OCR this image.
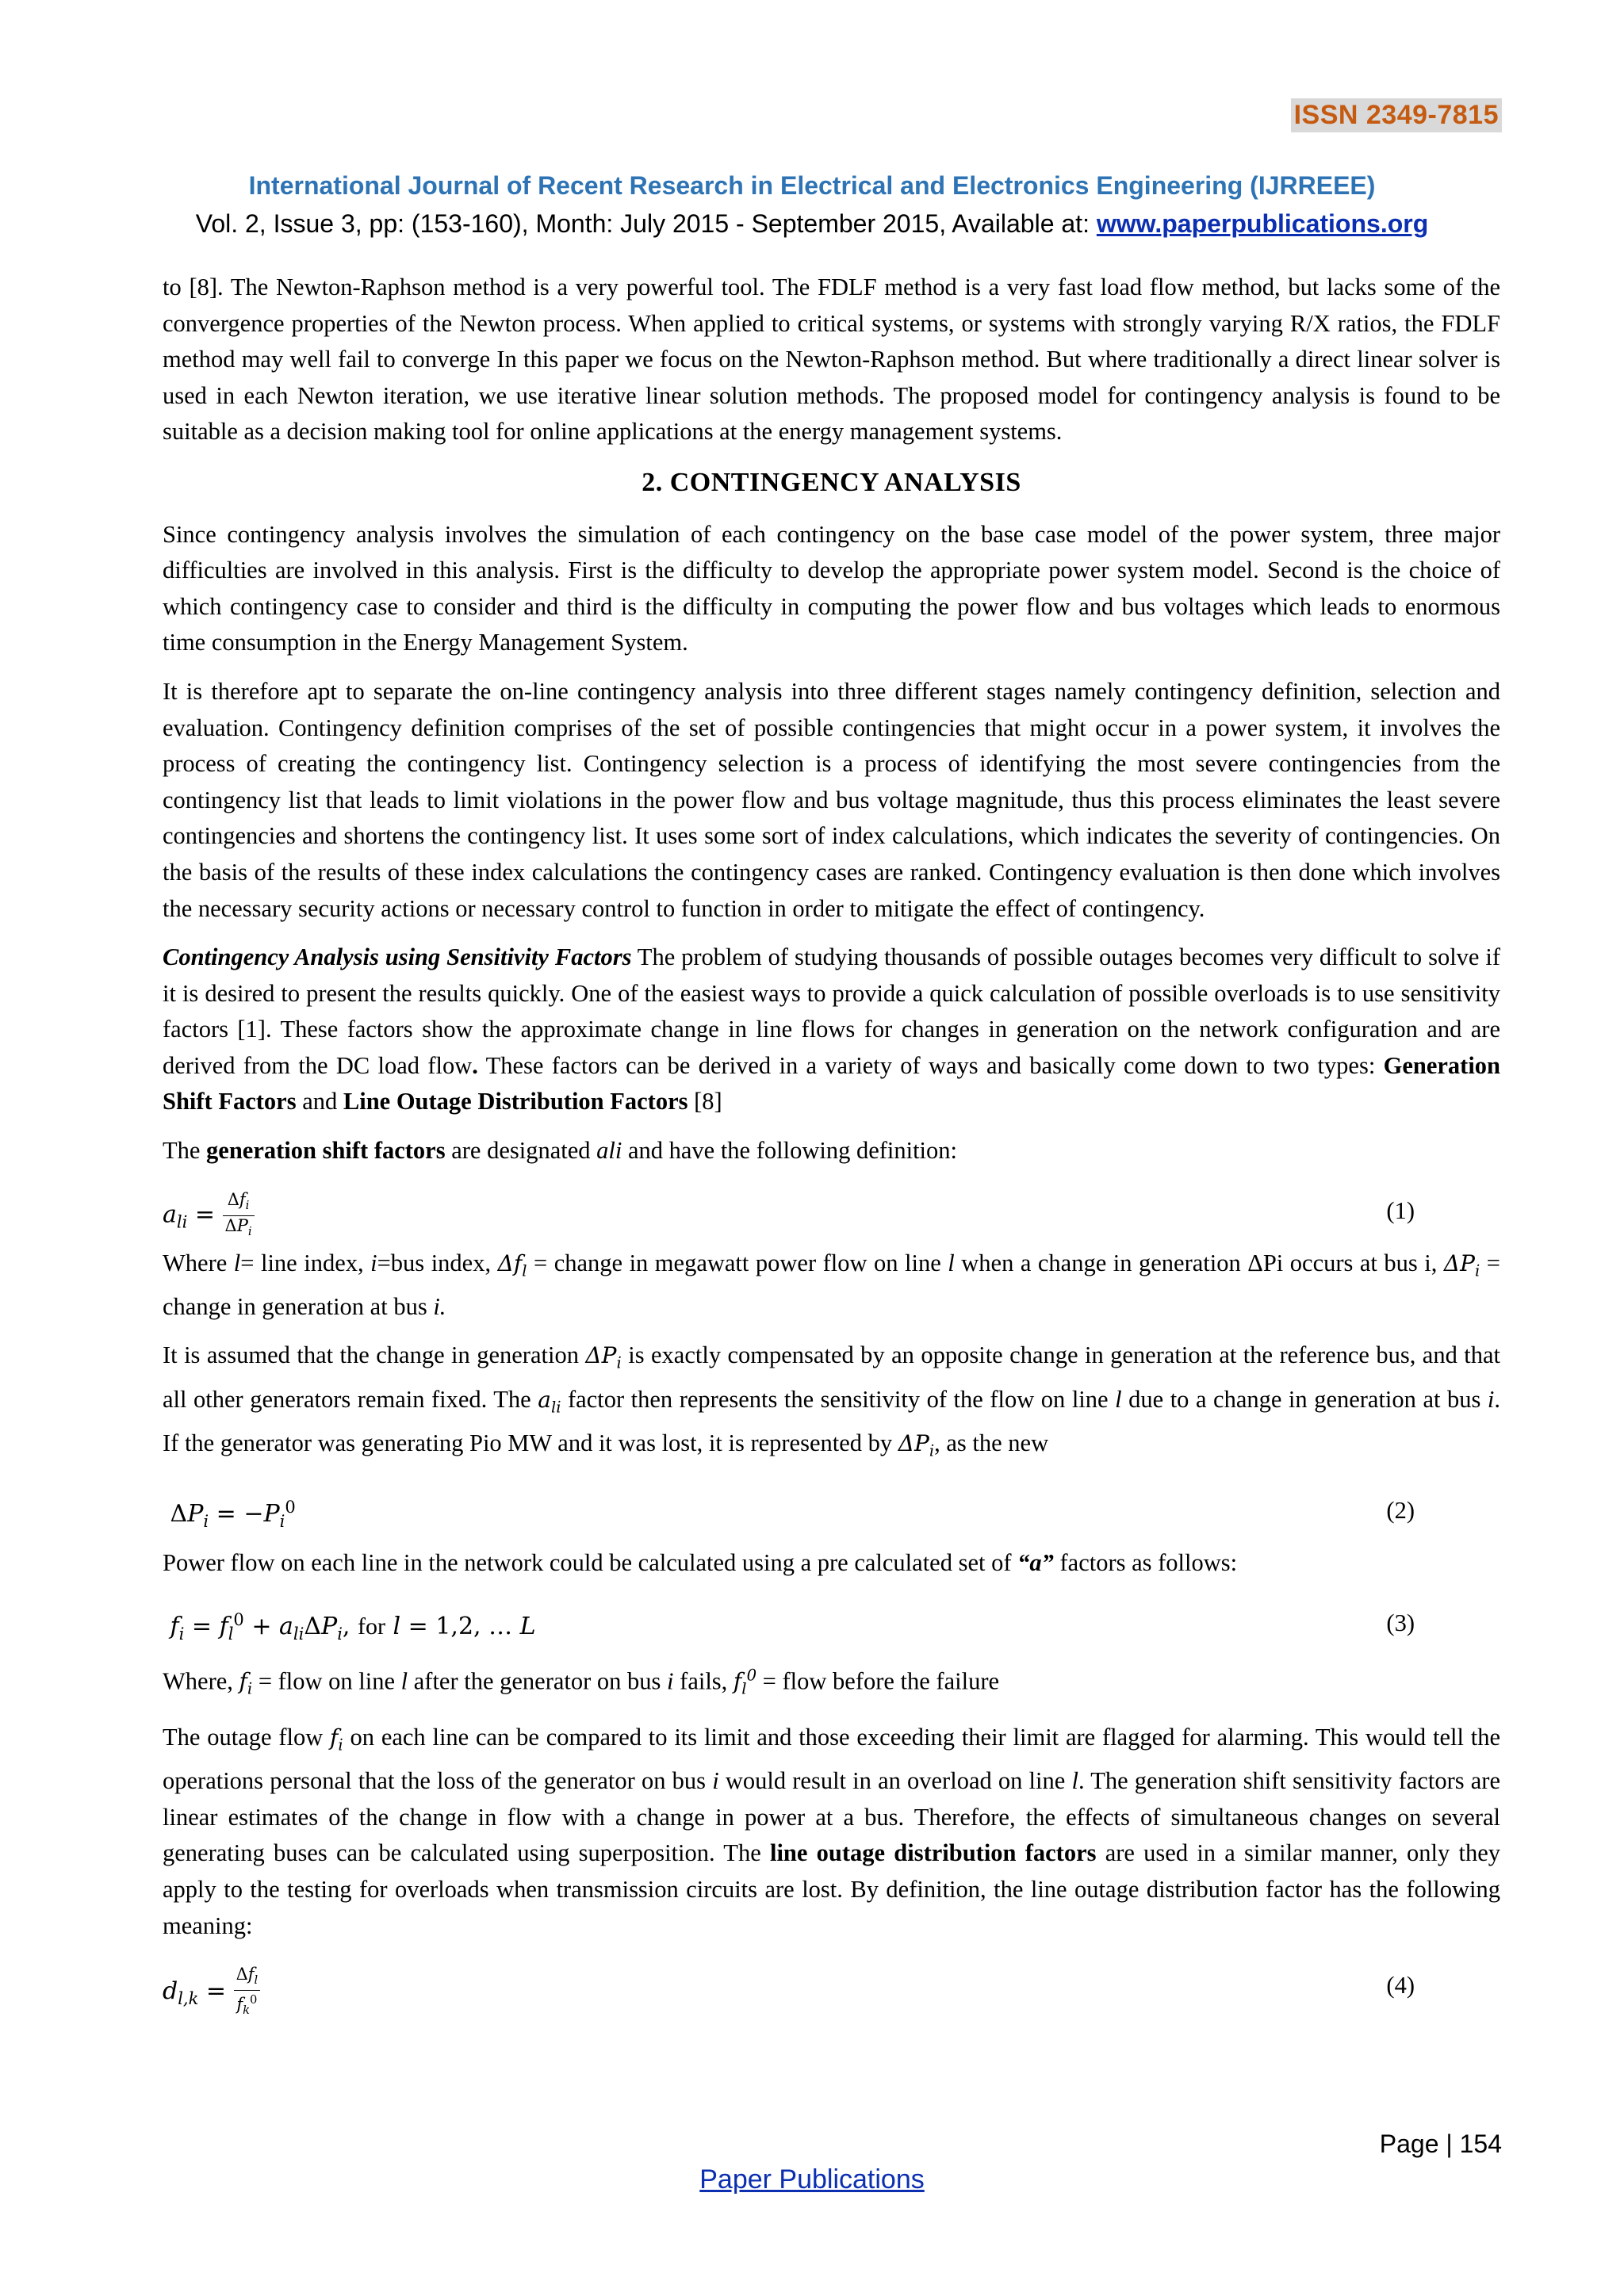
ISSN 2349-7815
International Journal of Recent Research in Electrical and Electronics Engineering (IJRREEE)
Vol. 2, Issue 3, pp: (153-160), Month: July 2015 - September 2015, Available at: www.paperpublications.org

to [8]. The Newton-Raphson method is a very powerful tool. The FDLF method is a very fast load flow method, but lacks some of the convergence properties of the Newton process. When applied to critical systems, or systems with strongly varying R/X ratios, the FDLF method may well fail to converge In this paper we focus on the Newton-Raphson method. But where traditionally a direct linear solver is used in each Newton iteration, we use iterative linear solution methods. The proposed model for contingency analysis is found to be suitable as a decision making tool for online applications at the energy management systems.

2. CONTINGENCY ANALYSIS

Since contingency analysis involves the simulation of each contingency on the base case model of the power system, three major difficulties are involved in this analysis. First is the difficulty to develop the appropriate power system model. Second is the choice of which contingency case to consider and third is the difficulty in computing the power flow and bus voltages which leads to enormous time consumption in the Energy Management System.

It is therefore apt to separate the on-line contingency analysis into three different stages namely contingency definition, selection and evaluation. Contingency definition comprises of the set of possible contingencies that might occur in a power system, it involves the process of creating the contingency list. Contingency selection is a process of identifying the most severe contingencies from the contingency list that leads to limit violations in the power flow and bus voltage magnitude, thus this process eliminates the least severe contingencies and shortens the contingency list. It uses some sort of index calculations, which indicates the severity of contingencies. On the basis of the results of these index calculations the contingency cases are ranked. Contingency evaluation is then done which involves the necessary security actions or necessary control to function in order to mitigate the effect of contingency.

Contingency Analysis using Sensitivity Factors The problem of studying thousands of possible outages becomes very difficult to solve if it is desired to present the results quickly. One of the easiest ways to provide a quick calculation of possible overloads is to use sensitivity factors [1]. These factors show the approximate change in line flows for changes in generation on the network configuration and are derived from the DC load flow. These factors can be derived in a variety of ways and basically come down to two types: Generation Shift Factors and Line Outage Distribution Factors [8]

The generation shift factors are designated ali and have the following definition:

$a_{li} = \frac{\Delta f_i}{\Delta P_i}$	(1)

Where l= line index, i=bus index, $\Delta f_l$ = change in megawatt power flow on line l when a change in generation ΔPi occurs at bus i, $\Delta P_i$ = change in generation at bus i.

It is assumed that the change in generation $\Delta P_i$ is exactly compensated by an opposite change in generation at the reference bus, and that all other generators remain fixed. The $a_{li}$ factor then represents the sensitivity of the flow on line l due to a change in generation at bus i. If the generator was generating Pio MW and it was lost, it is represented by $\Delta P_i$, as the new

$\Delta P_i = -P_i^0$	(2)

Power flow on each line in the network could be calculated using a pre calculated set of “a” factors as follows:

$f_i = f_l^0 + a_{li}\Delta P_i$, for l = 1,2, … L	(3)

Where, $f_i$ = flow on line l after the generator on bus i fails, $f_l^0$ = flow before the failure

The outage flow $f_i$ on each line can be compared to its limit and those exceeding their limit are flagged for alarming. This would tell the operations personal that the loss of the generator on bus i would result in an overload on line l. The generation shift sensitivity factors are linear estimates of the change in flow with a change in power at a bus. Therefore, the effects of simultaneous changes on several generating buses can be calculated using superposition. The line outage distribution factors are used in a similar manner, only they apply to the testing for overloads when transmission circuits are lost. By definition, the line outage distribution factor has the following meaning:

$d_{l,k} = \frac{\Delta f_l}{f_k^0}$	(4)
Page | 154
Paper Publications
